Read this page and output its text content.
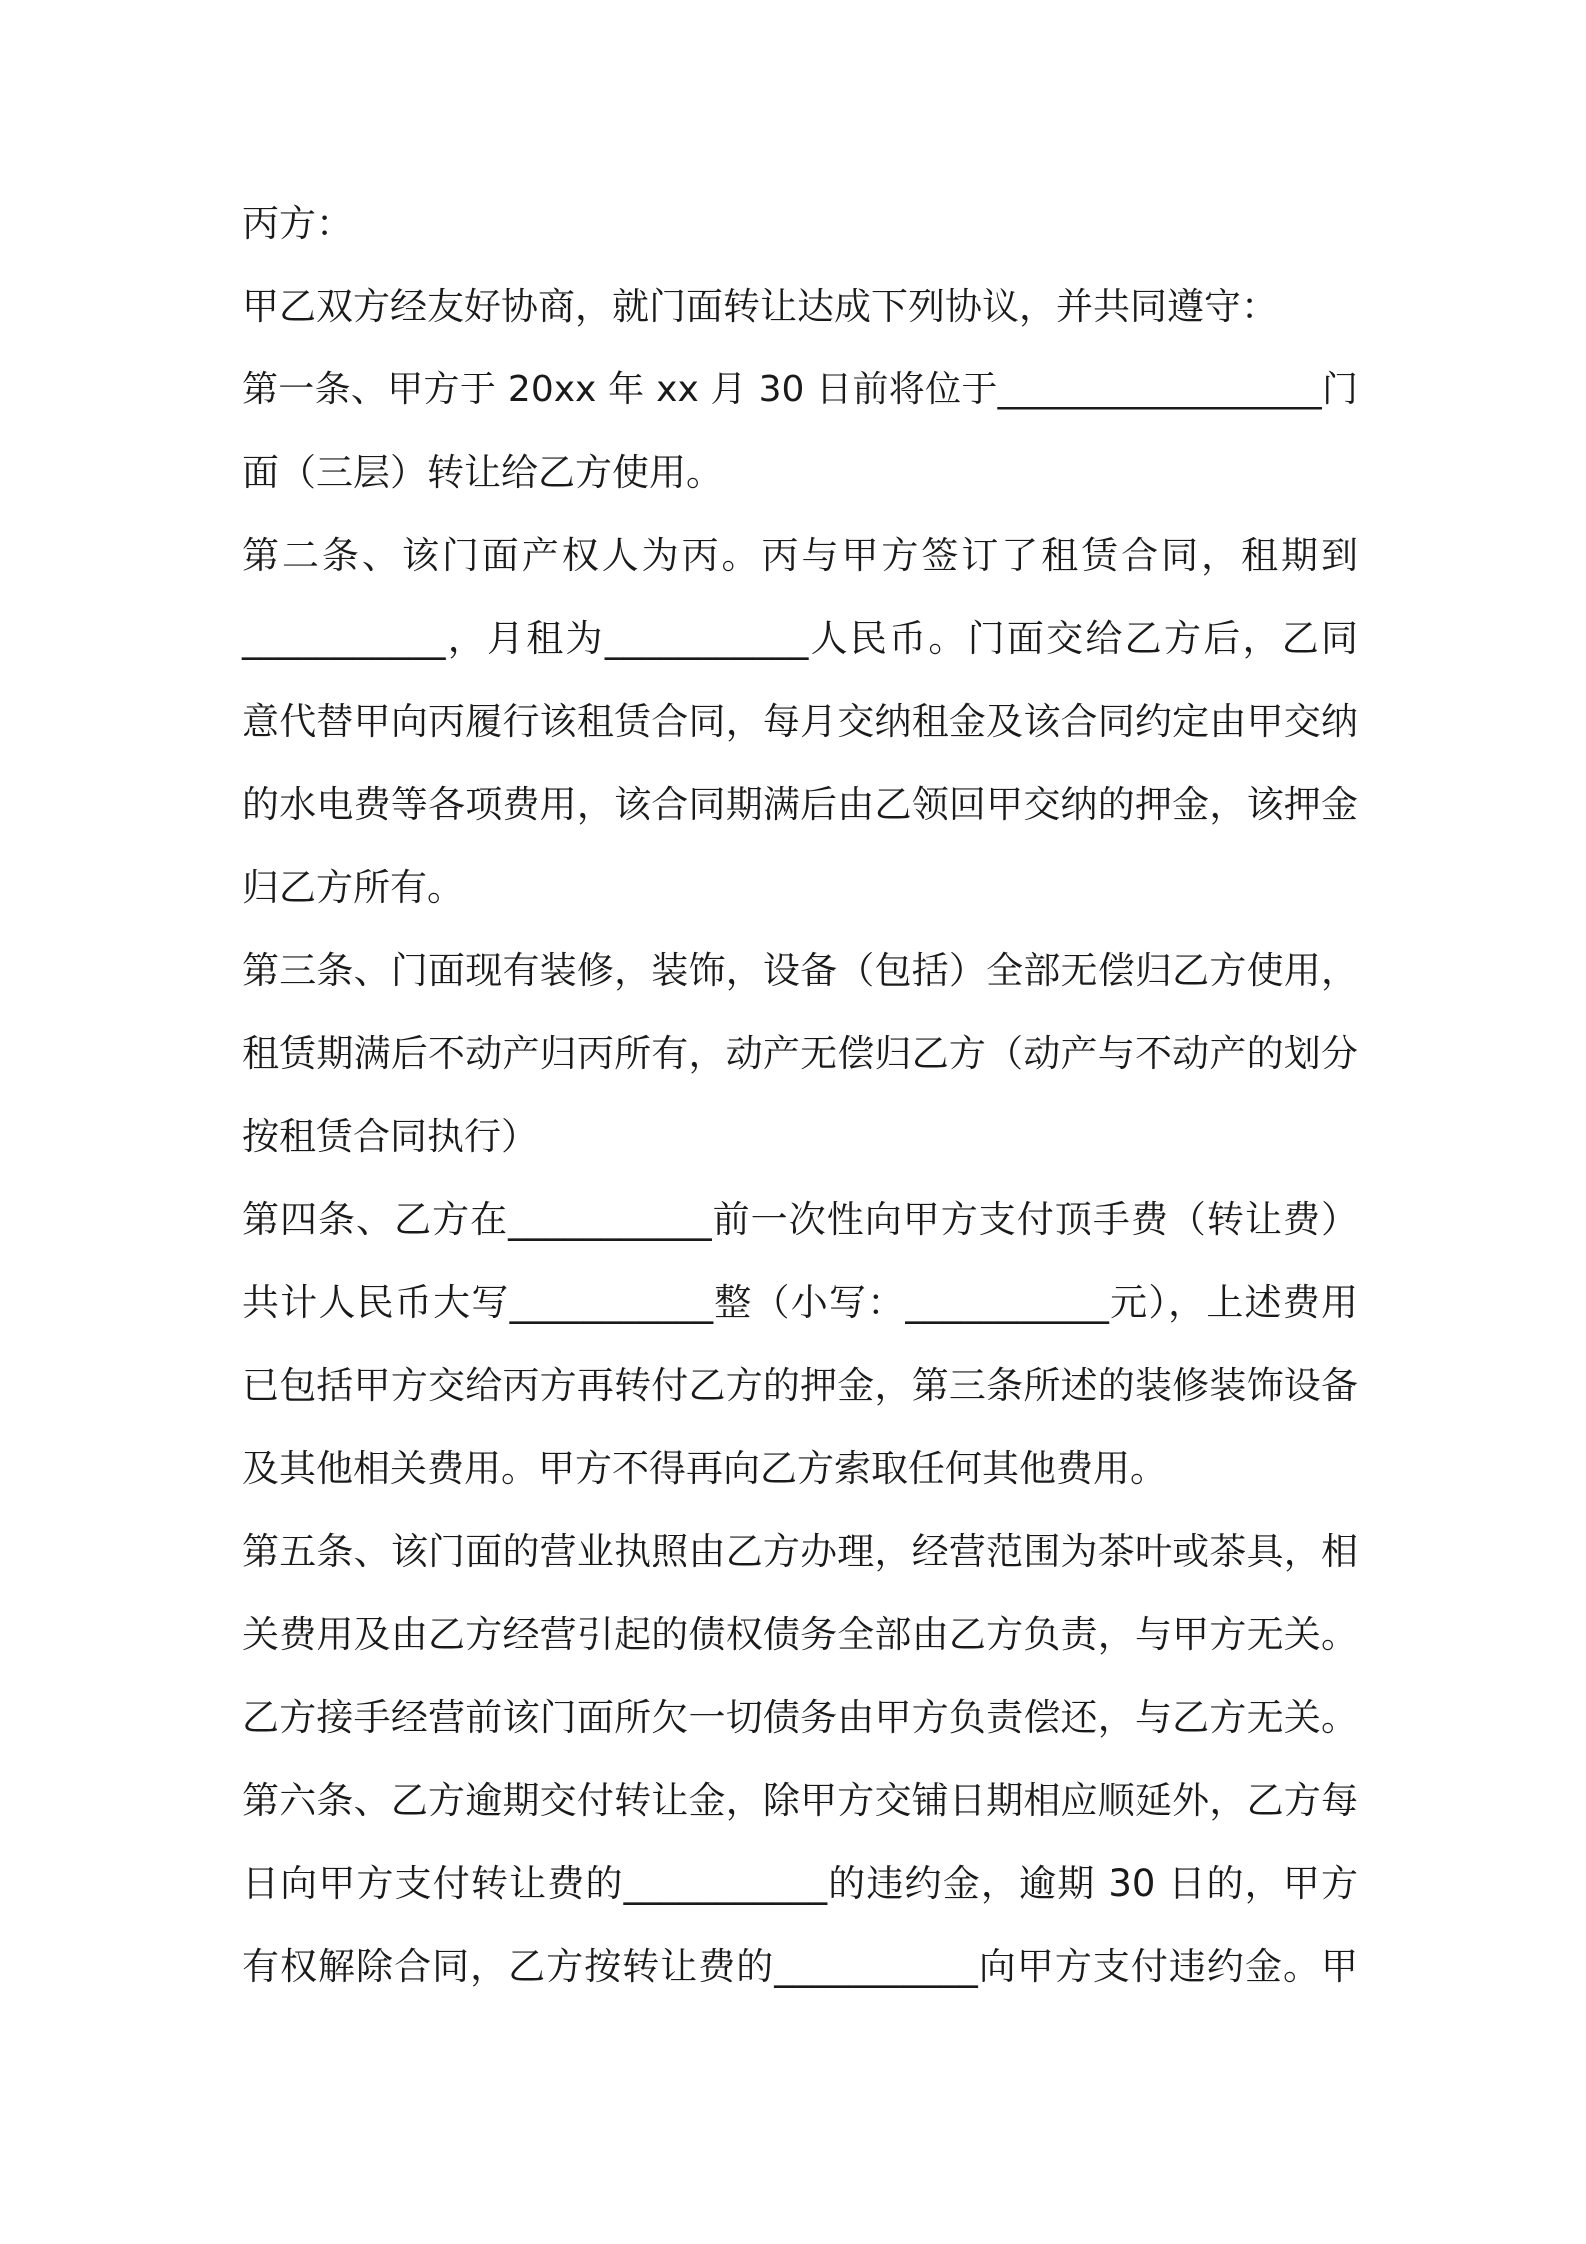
丙方：
甲乙双方经友好协商，就门面转让达成下列协议，并共同遵守：
第一条、甲方于 20xx 年 xx 月 30 日前将位于__________________门
面（三层）转让给乙方使用。
第二条、该门面产权人为丙。丙与甲方签订了租赁合同，租期到
___________，月租为___________人民币。门面交给乙方后，乙同
意代替甲向丙履行该租赁合同，每月交纳租金及该合同约定由甲交纳
的水电费等各项费用，该合同期满后由乙领回甲交纳的押金，该押金
归乙方所有。
第三条、门面现有装修，装饰，设备（包括）全部无偿归乙方使用，
租赁期满后不动产归丙所有，动产无偿归乙方（动产与不动产的划分
按租赁合同执行）
第四条、乙方在___________前一次性向甲方支付顶手费（转让费）
共计人民币大写___________整（小写：___________元），上述费用
已包括甲方交给丙方再转付乙方的押金，第三条所述的装修装饰设备
及其他相关费用。甲方不得再向乙方索取任何其他费用。
第五条、该门面的营业执照由乙方办理，经营范围为茶叶或茶具，相
关费用及由乙方经营引起的债权债务全部由乙方负责，与甲方无关。
乙方接手经营前该门面所欠一切债务由甲方负责偿还，与乙方无关。
第六条、乙方逾期交付转让金，除甲方交铺日期相应顺延外，乙方每
日向甲方支付转让费的___________的违约金，逾期 30 日的，甲方
有权解除合同，乙方按转让费的___________向甲方支付违约金。甲
